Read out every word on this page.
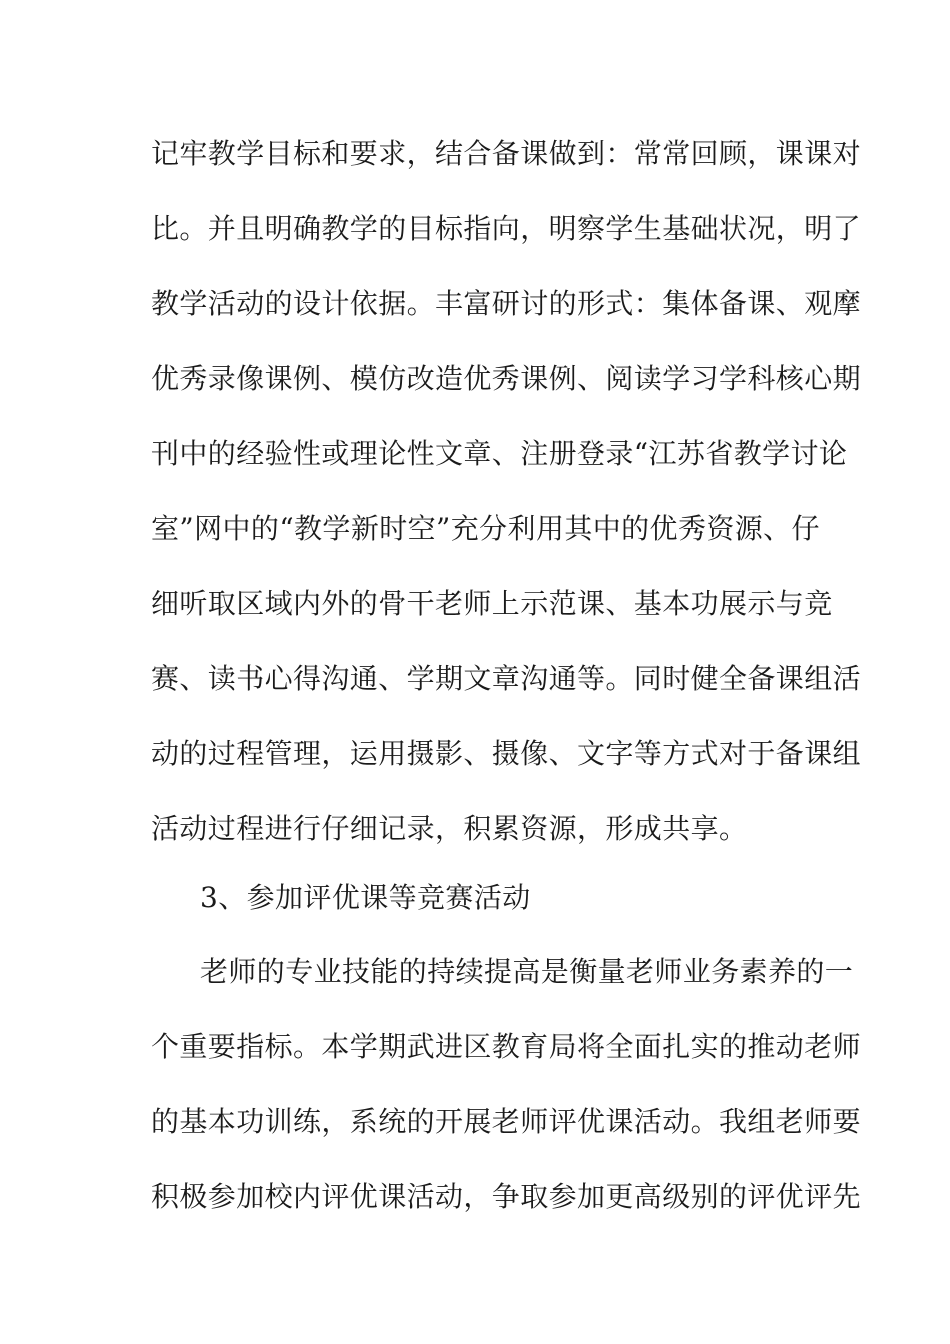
记牢教学目标和要求，结合备课做到：常常回顾，课课对
比。并且明确教学的目标指向，明察学生基础状况，明了
教学活动的设计依据。丰富研讨的形式：集体备课、观摩
优秀录像课例、模仿改造优秀课例、阅读学习学科核心期
刊中的经验性或理论性文章、注册登录“江苏省教学讨论
室”网中的“教学新时空”充分利用其中的优秀资源、仔
细听取区域内外的骨干老师上示范课、基本功展示与竞
赛、读书心得沟通、学期文章沟通等。同时健全备课组活
动的过程管理，运用摄影、摄像、文字等方式对于备课组
活动过程进行仔细记录，积累资源，形成共享。
3、参加评优课等竞赛活动
老师的专业技能的持续提高是衡量老师业务素养的一
个重要指标。本学期武进区教育局将全面扎实的推动老师
的基本功训练，系统的开展老师评优课活动。我组老师要
积极参加校内评优课活动，争取参加更高级别的评优评先
